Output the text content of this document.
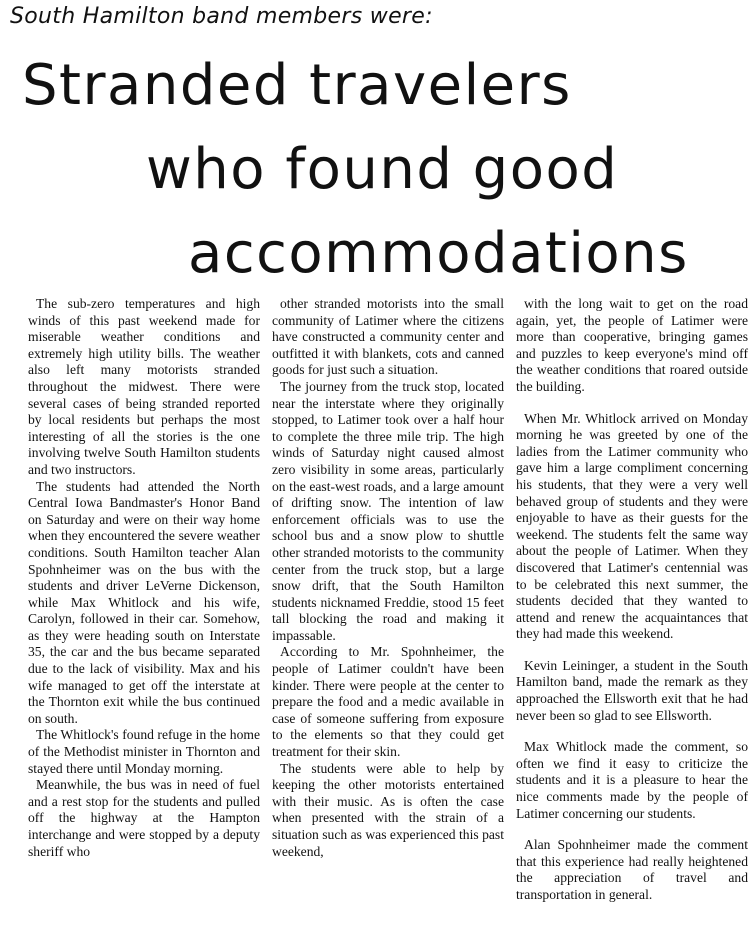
South Hamilton band members were:

Stranded travelers
who found good
accommodations

The sub-zero temperatures and high winds of this past weekend made for miserable weather conditions and extremely high utility bills. The weather also left many motorists stranded throughout the midwest. There were several cases of being stranded reported by local residents but perhaps the most interesting of all the stories is the one involving twelve South Hamilton students and two instructors.

The students had attended the North Central Iowa Bandmaster's Honor Band on Saturday and were on their way home when they encountered the severe weather conditions. South Hamilton teacher Alan Spohnheimer was on the bus with the students and driver LeVerne Dickenson, while Max Whitlock and his wife, Carolyn, followed in their car. Somehow, as they were heading south on Interstate 35, the car and the bus became separated due to the lack of visibility. Max and his wife managed to get off the interstate at the Thornton exit while the bus continued on south.

The Whitlock's found refuge in the home of the Methodist minister in Thornton and stayed there until Monday morning.

Meanwhile, the bus was in need of fuel and a rest stop for the students and pulled off the highway at the Hampton interchange and were stopped by a deputy sheriff who

other stranded motorists into the small community of Latimer where the citizens have constructed a community center and outfitted it with blankets, cots and canned goods for just such a situation.

The journey from the truck stop, located near the interstate where they originally stopped, to Latimer took over a half hour to complete the three mile trip. The high winds of Saturday night caused almost zero visibility in some areas, particularly on the east-west roads, and a large amount of drifting snow. The intention of law enforcement officials was to use the school bus and a snow plow to shuttle other stranded motorists to the community center from the truck stop, but a large snow drift, that the South Hamilton students nicknamed Freddie, stood 15 feet tall blocking the road and making it impassable.

According to Mr. Spohnheimer, the people of Latimer couldn't have been kinder. There were people at the center to prepare the food and a medic available in case of someone suffering from exposure to the elements so that they could get treatment for their skin.

The students were able to help by keeping the other motorists entertained with their music. As is often the case when presented with the strain of a situation such as was experienced this past weekend,

with the long wait to get on the road again, yet, the people of Latimer were more than cooperative, bringing games and puzzles to keep everyone's mind off the weather conditions that roared outside the building.

When Mr. Whitlock arrived on Monday morning he was greeted by one of the ladies from the Latimer community who gave him a large compliment concerning his students, that they were a very well behaved group of students and they were enjoyable to have as their guests for the weekend. The students felt the same way about the people of Latimer. When they discovered that Latimer's centennial was to be celebrated this next summer, the students decided that they wanted to attend and renew the acquaintances that they had made this weekend.

Kevin Leininger, a student in the South Hamilton band, made the remark as they approached the Ellsworth exit that he had never been so glad to see Ellsworth.

Max Whitlock made the comment, so often we find it easy to criticize the students and it is a pleasure to hear the nice comments made by the people of Latimer concerning our students.

Alan Spohnheimer made the comment that this experience had really heightened the appreciation of travel and transportation in general.
